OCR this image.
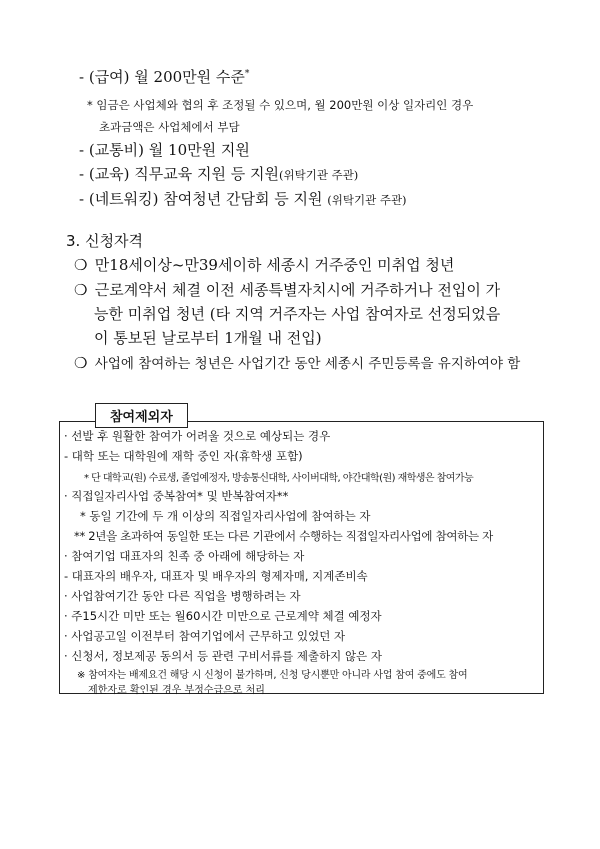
- (급여) 월 200만원 수준*
* 임금은 사업체와 협의 후 조정될 수 있으며, 월 200만원 이상 일자리인 경우
초과금액은 사업체에서 부담
- (교통비) 월 10만원 지원
- (교육) 직무교육 지원 등 지원(위탁기관 주관)
- (네트워킹) 참여청년 간담회 등 지원 (위탁기관 주관)
3. 신청자격
❍ 만18세이상~만39세이하 세종시 거주중인 미취업 청년
❍ 근로계약서 체결 이전 세종특별자치시에 거주하거나 전입이 가
능한 미취업 청년 (타 지역 거주자는 사업 참여자로 선정되었음
이 통보된 날로부터 1개월 내 전입)
❍ 사업에 참여하는 청년은 사업기간 동안 세종시 주민등록을 유지하여야 함
참여제외자
· 선발 후 원활한 참여가 어려울 것으로 예상되는 경우
- 대학 또는 대학원에 재학 중인 자(휴학생 포함)
* 단 대학교(원) 수료생, 졸업예정자, 방송통신대학, 사이버대학, 야간대학(원) 재학생은 참여가능
· 직접일자리사업 중복참여* 및 반복참여자**
* 동일 기간에 두 개 이상의 직접일자리사업에 참여하는 자
** 2년을 초과하여 동일한 또는 다른 기관에서 수행하는 직접일자리사업에 참여하는 자
· 참여기업 대표자의 친족 중 아래에 해당하는 자
- 대표자의 배우자, 대표자 및 배우자의 형제자매, 지계존비속
· 사업참여기간 동안 다른 직업을 병행하려는 자
· 주15시간 미만 또는 월60시간 미만으로 근로계약 체결 예정자
· 사업공고일 이전부터 참여기업에서 근무하고 있었던 자
· 신청서, 정보제공 동의서 등 관련 구비서류를 제출하지 않은 자
※ 참여자는 배제요건 해당 시 신청이 불가하며, 신청 당시뿐만 아니라 사업 참여 중에도 참여
제한자로 확인된 경우 부정수급으로 처리
